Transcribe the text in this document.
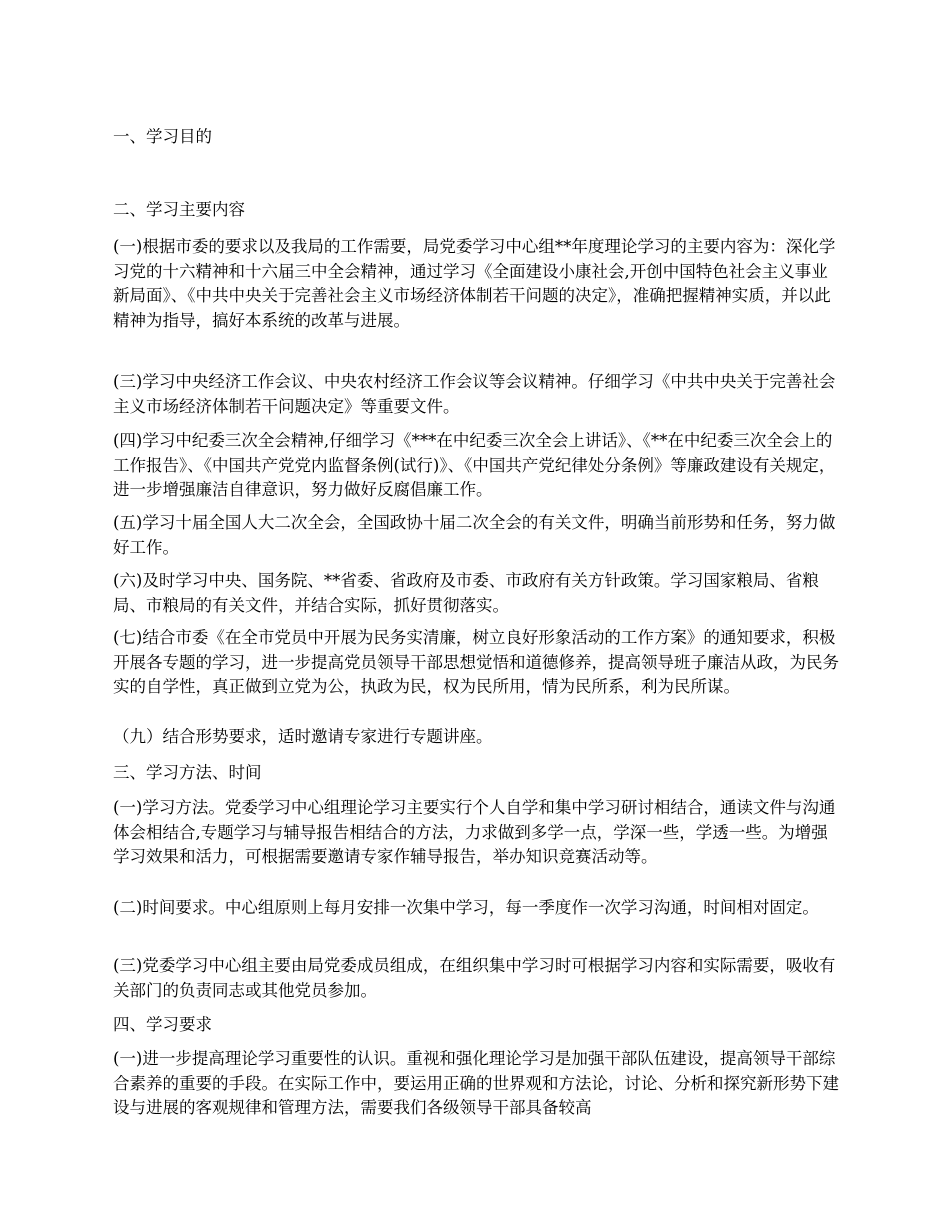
一、学习目的

二、学习主要内容

(一)根据市委的要求以及我局的工作需要，局党委学习中心组**年度理论学习的主要内容为：深化学习党的十六精神和十六届三中全会精神，通过学习《全面建设小康社会,开创中国特色社会主义事业新局面》、《中共中央关于完善社会主义市场经济体制若干问题的决定》，准确把握精神实质，并以此精神为指导，搞好本系统的改革与进展。

(三)学习中央经济工作会议、中央农村经济工作会议等会议精神。仔细学习《中共中央关于完善社会主义市场经济体制若干问题决定》等重要文件。

(四)学习中纪委三次全会精神,仔细学习《***在中纪委三次全会上讲话》、《**在中纪委三次全会上的工作报告》、《中国共产党党内监督条例(试行)》、《中国共产党纪律处分条例》等廉政建设有关规定，进一步增强廉洁自律意识，努力做好反腐倡廉工作。

(五)学习十届全国人大二次全会，全国政协十届二次全会的有关文件，明确当前形势和任务，努力做好工作。

(六)及时学习中央、国务院、**省委、省政府及市委、市政府有关方针政策。学习国家粮局、省粮局、市粮局的有关文件，并结合实际，抓好贯彻落实。

(七)结合市委《在全市党员中开展为民务实清廉，树立良好形象活动的工作方案》的通知要求，积极开展各专题的学习，进一步提高党员领导干部思想觉悟和道德修养，提高领导班子廉洁从政，为民务实的自学性，真正做到立党为公，执政为民，权为民所用，情为民所系，利为民所谋。

（九）结合形势要求，适时邀请专家进行专题讲座。

三、学习方法、时间

(一)学习方法。党委学习中心组理论学习主要实行个人自学和集中学习研讨相结合，通读文件与沟通体会相结合,专题学习与辅导报告相结合的方法，力求做到多学一点，学深一些，学透一些。为增强学习效果和活力，可根据需要邀请专家作辅导报告，举办知识竞赛活动等。

(二)时间要求。中心组原则上每月安排一次集中学习，每一季度作一次学习沟通，时间相对固定。

(三)党委学习中心组主要由局党委成员组成，在组织集中学习时可根据学习内容和实际需要，吸收有关部门的负责同志或其他党员参加。

四、学习要求

(一)进一步提高理论学习重要性的认识。重视和强化理论学习是加强干部队伍建设，提高领导干部综合素养的重要的手段。在实际工作中，要运用正确的世界观和方法论，讨论、分析和探究新形势下建设与进展的客观规律和管理方法，需要我们各级领导干部具备较高
